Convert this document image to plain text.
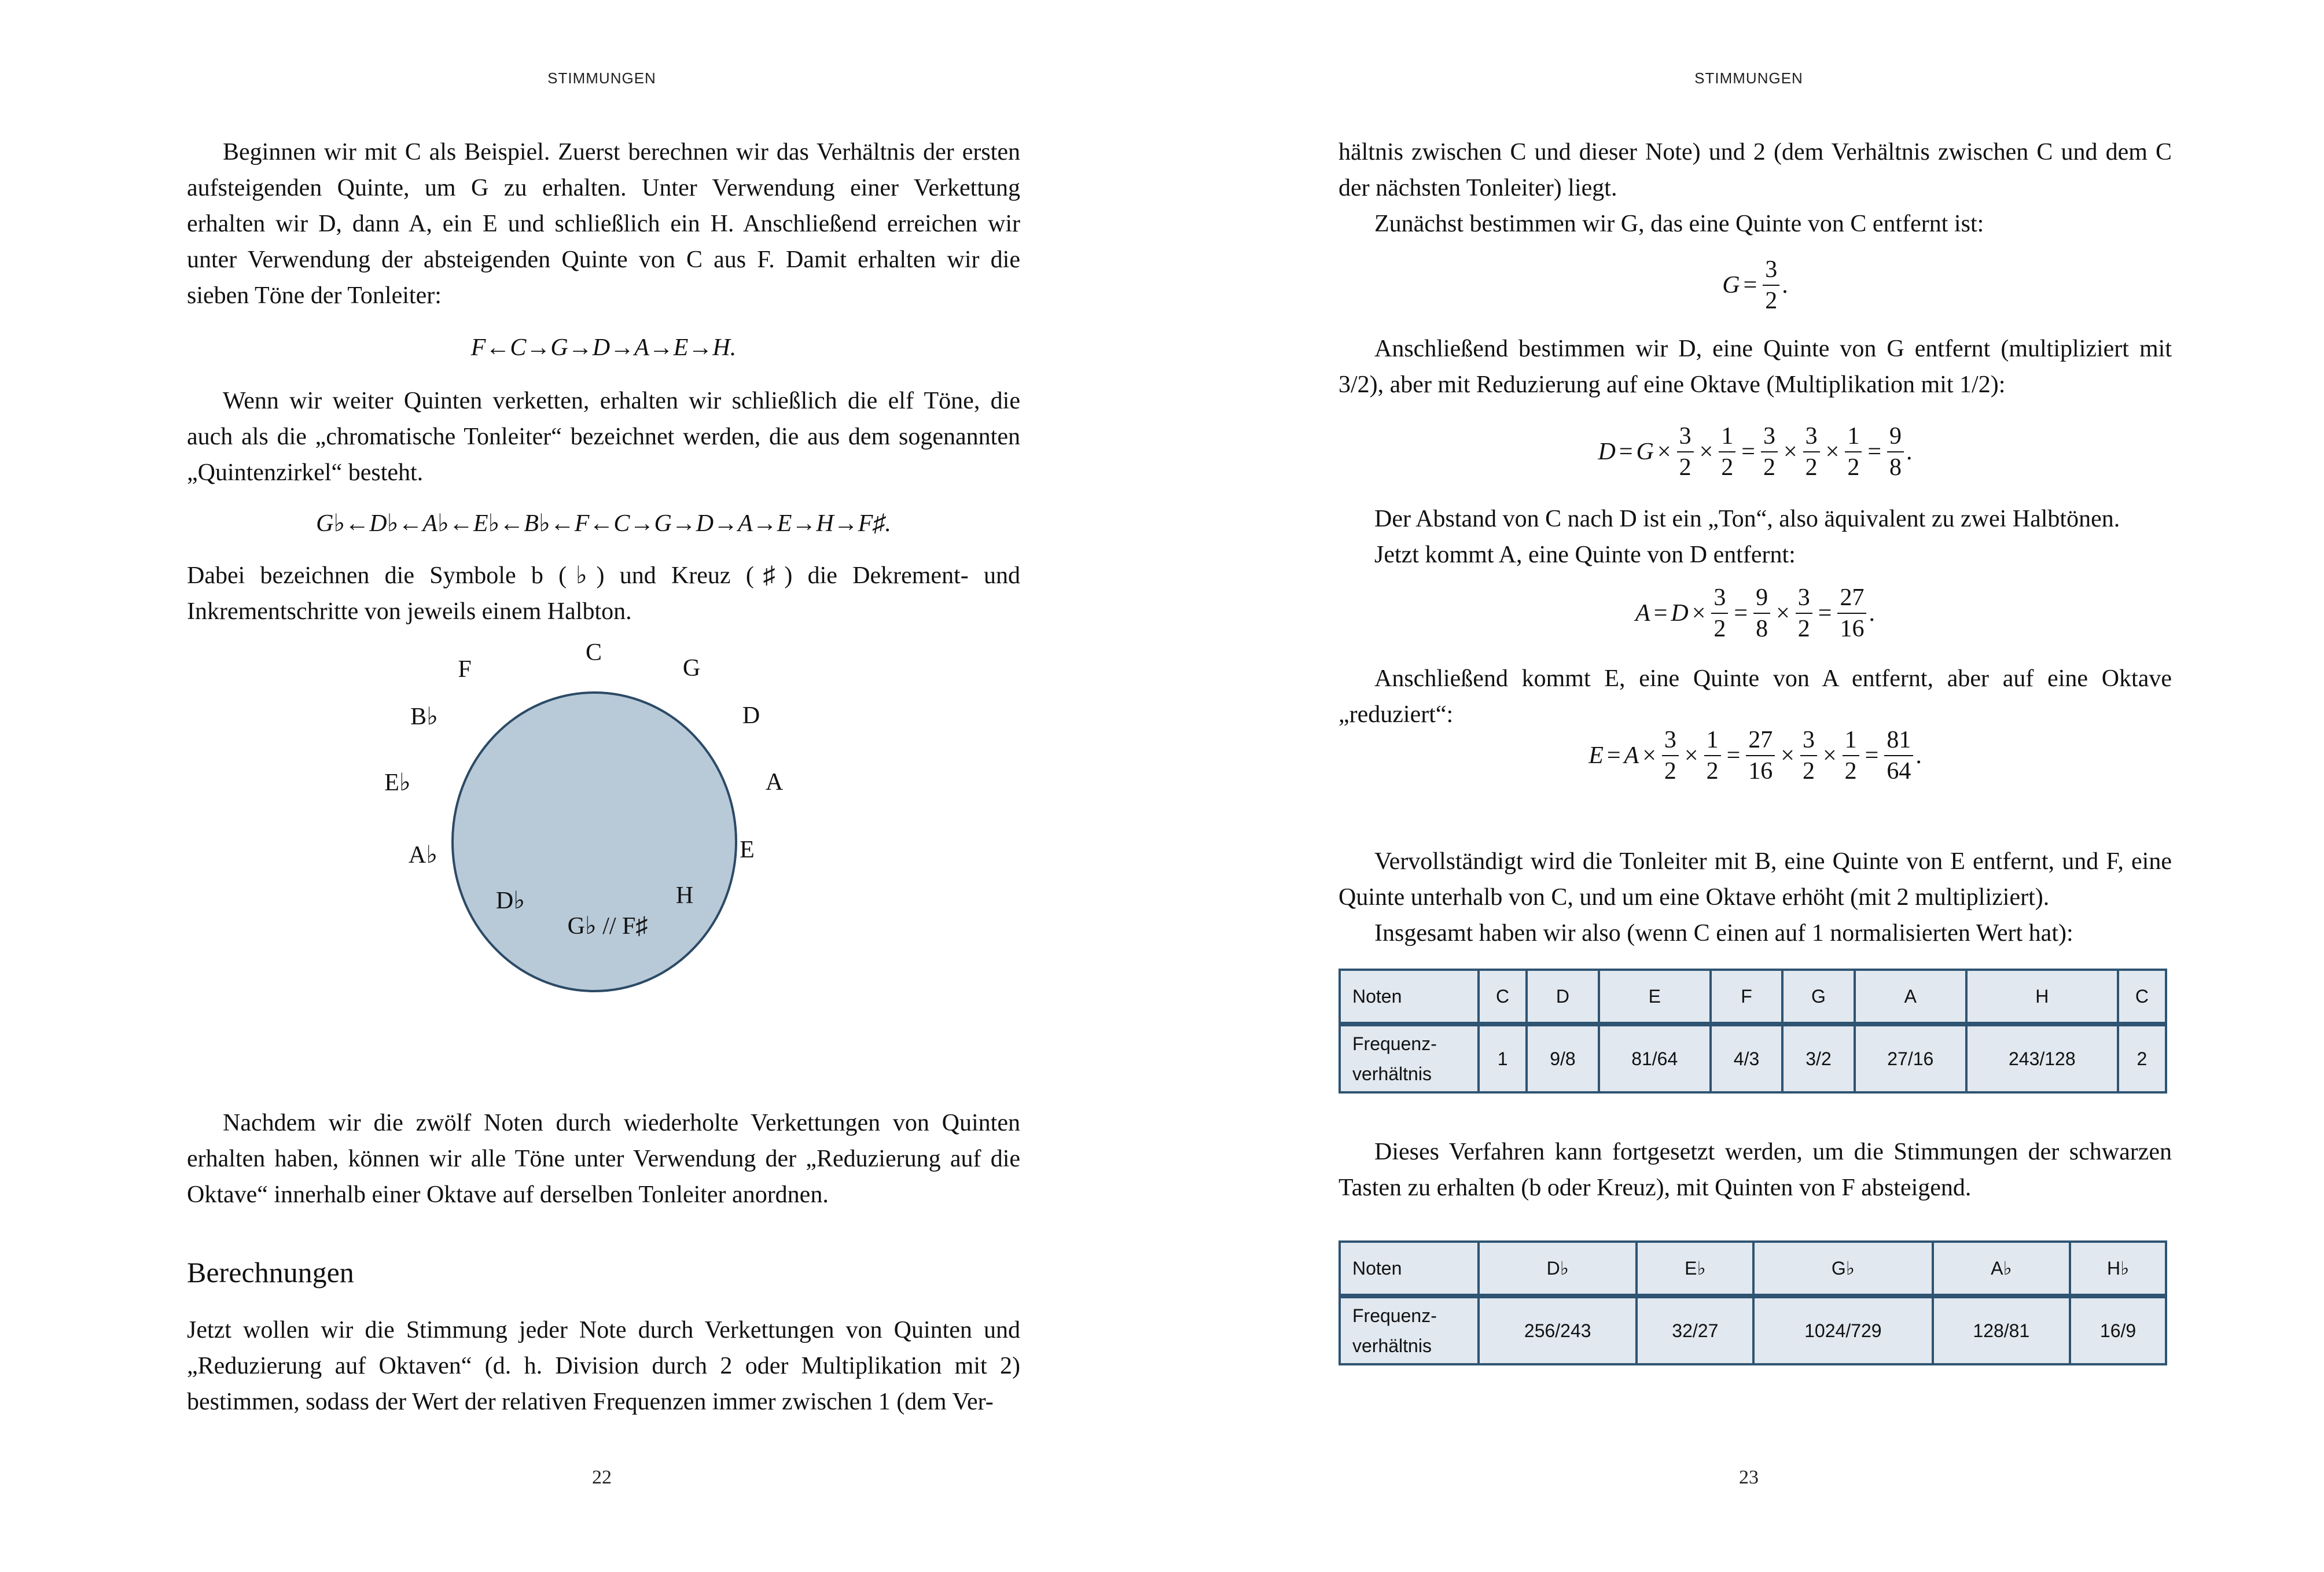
STIMMUNGEN

Beginnen wir mit C als Beispiel. Zuerst berechnen wir das Verhältnis der ersten aufsteigenden Quinte, um G zu erhalten. Unter Verwendung einer Verkettung erhalten wir D, dann A, ein E und schließlich ein H. Anschließend erreichen wir unter Verwendung der absteigenden Quinte von C aus F. Damit erhalten wir die sieben Töne der Tonleiter:

F←C→G→D→A→E→H.

Wenn wir weiter Quinten verketten, erhalten wir schließlich die elf Töne, die auch als die „chromatische Tonleiter“ bezeichnet werden, die aus dem sogenannten „Quintenzirkel“ besteht.

G♭←D♭←A♭←E♭←B♭←F←C→G→D→A→E→H→F♯.

Dabei bezeichnen die Symbole b (♭) und Kreuz (♯) die Dekrement- und Inkrementschritte von jeweils einem Halbton.

C
G
D
A
E
H
G♭ // F♯
D♭
A♭
E♭
B♭
F

Nachdem wir die zwölf Noten durch wiederholte Verkettungen von Quinten erhalten haben, können wir alle Töne unter Verwendung der „Reduzierung auf die Oktave“ innerhalb einer Oktave auf derselben Tonleiter anordnen.

Berechnungen

Jetzt wollen wir die Stimmung jeder Note durch Verkettungen von Quinten und „Reduzierung auf Oktaven“ (d. h. Division durch 2 oder Multiplikation mit 2) bestimmen, sodass der Wert der relativen Frequenzen immer zwischen 1 (dem Ver-

22
STIMMUNGEN

hältnis zwischen C und dieser Note) und 2 (dem Verhältnis zwischen C und dem C der nächsten Tonleiter) liegt.

Zunächst bestimmen wir G, das eine Quinte von C entfernt ist:

$G = \frac{3}{2}$ .

Anschließend bestimmen wir D, eine Quinte von G entfernt (multipliziert mit 3/2), aber mit Reduzierung auf eine Oktave (Multiplikation mit 1/2):

$D = G \times \frac{3}{2} \times \frac{1}{2} = \frac{3}{2} \times \frac{3}{2} \times \frac{1}{2} = \frac{9}{8}$ .

Der Abstand von C nach D ist ein „Ton“, also äquivalent zu zwei Halbtönen.

Jetzt kommt A, eine Quinte von D entfernt:

$A = D \times \frac{3}{2} = \frac{9}{8} \times \frac{3}{2} = \frac{27}{16}$ .

Anschließend kommt E, eine Quinte von A entfernt, aber auf eine Oktave „reduziert“:

$E = A \times \frac{3}{2} \times \frac{1}{2} = \frac{27}{16} \times \frac{3}{2} \times \frac{1}{2} = \frac{81}{64}$ .

Vervollständigt wird die Tonleiter mit B, eine Quinte von E entfernt, und F, eine Quinte unterhalb von C, und um eine Oktave erhöht (mit 2 multipliziert).

Insgesamt haben wir also (wenn C einen auf 1 normalisierten Wert hat):

Noten	C	D	E	F	G	A	H	C
Frequenz-verhältnis	1	9/8	81/64	4/3	3/2	27/16	243/128	2

Dieses Verfahren kann fortgesetzt werden, um die Stimmungen der schwarzen Tasten zu erhalten (b oder Kreuz), mit Quinten von F absteigend.

Noten	D♭	E♭	G♭	A♭	H♭
Frequenz-verhältnis	256/243	32/27	1024/729	128/81	16/9
23
